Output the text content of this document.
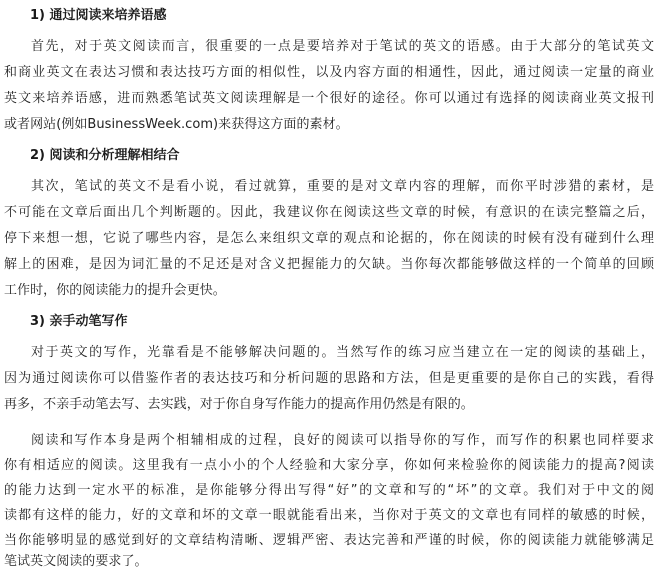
1) 通过阅读来培养语感
首先，对于英文阅读而言，很重要的一点是要培养对于笔试的英文的语感。由于大部分的笔试英文
和商业英文在表达习惯和表达技巧方面的相似性，以及内容方面的相通性，因此，通过阅读一定量的商业
英文来培养语感，进而熟悉笔试英文阅读理解是一个很好的途径。你可以通过有选择的阅读商业英文报刊
或者网站(例如BusinessWeek.com)来获得这方面的素材。
2) 阅读和分析理解相结合
其次，笔试的英文不是看小说，看过就算，重要的是对文章内容的理解，而你平时涉猎的素材，是
不可能在文章后面出几个判断题的。因此，我建议你在阅读这些文章的时候，有意识的在读完整篇之后，
停下来想一想，它说了哪些内容，是怎么来组织文章的观点和论据的，你在阅读的时候有没有碰到什么理
解上的困难，是因为词汇量的不足还是对含义把握能力的欠缺。当你每次都能够做这样的一个简单的回顾
工作时，你的阅读能力的提升会更快。
3) 亲手动笔写作
对于英文的写作，光靠看是不能够解决问题的。当然写作的练习应当建立在一定的阅读的基础上，
因为通过阅读你可以借鉴作者的表达技巧和分析问题的思路和方法，但是更重要的是你自己的实践，看得
再多，不亲手动笔去写、去实践，对于你自身写作能力的提高作用仍然是有限的。
阅读和写作本身是两个相辅相成的过程，良好的阅读可以指导你的写作，而写作的积累也同样要求
你有相适应的阅读。这里我有一点小小的个人经验和大家分享，你如何来检验你的阅读能力的提高?阅读
的能力达到一定水平的标准，是你能够分得出写得“好”的文章和写的“坏”的文章。我们对于中文的阅
读都有这样的能力，好的文章和坏的文章一眼就能看出来，当你对于英文的文章也有同样的敏感的时候，
当你能够明显的感觉到好的文章结构清晰、逻辑严密、表达完善和严谨的时候，你的阅读能力就能够满足
笔试英文阅读的要求了。
